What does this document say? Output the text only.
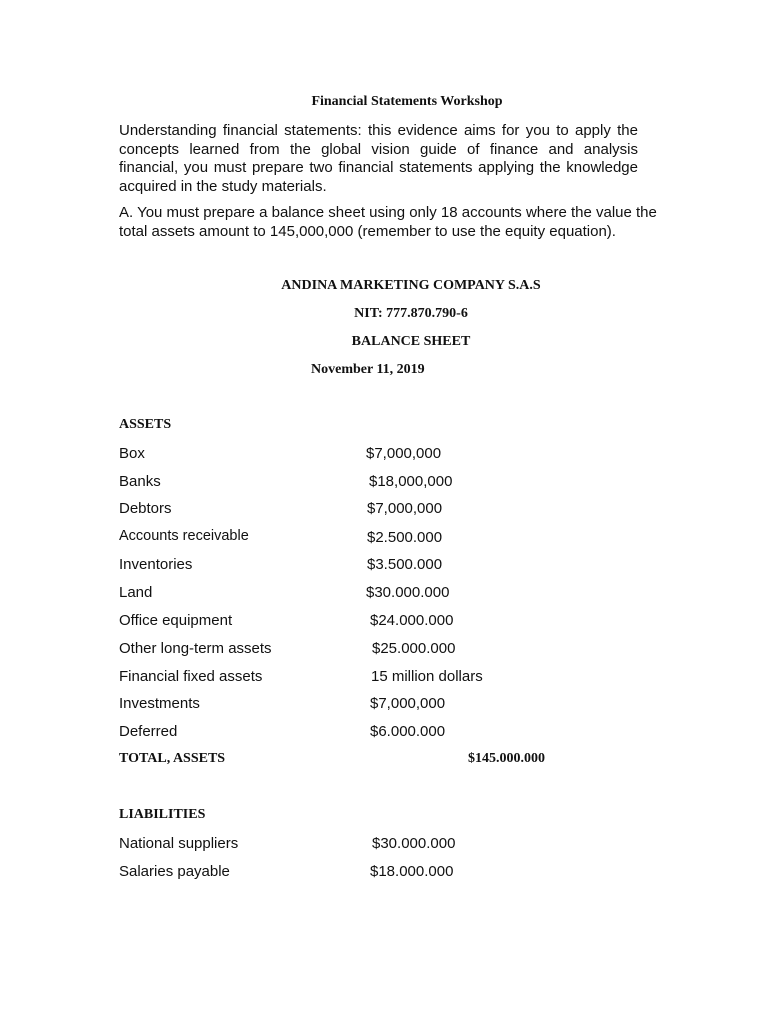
Financial Statements Workshop
Understanding financial statements: this evidence aims for you to apply the concepts learned from the global vision guide of finance and analysis financial, you must prepare two financial statements applying the knowledge acquired in the study materials.
A. You must prepare a balance sheet using only 18 accounts where the value the total assets amount to 145,000,000 (remember to use the equity equation).
ANDINA MARKETING COMPANY S.A.S
NIT: 777.870.790-6
BALANCE SHEET
November 11, 2019
ASSETS
Box	$7,000,000
Banks	$18,000,000
Debtors	$7,000,000
Accounts receivable	$2.500.000
Inventories	$3.500.000
Land	$30.000.000
Office equipment	$24.000.000
Other long-term assets	$25.000.000
Financial fixed assets	15 million dollars
Investments	$7,000,000
Deferred	$6.000.000
TOTAL, ASSETS	$145.000.000
LIABILITIES
National suppliers	$30.000.000
Salaries payable	$18.000.000
